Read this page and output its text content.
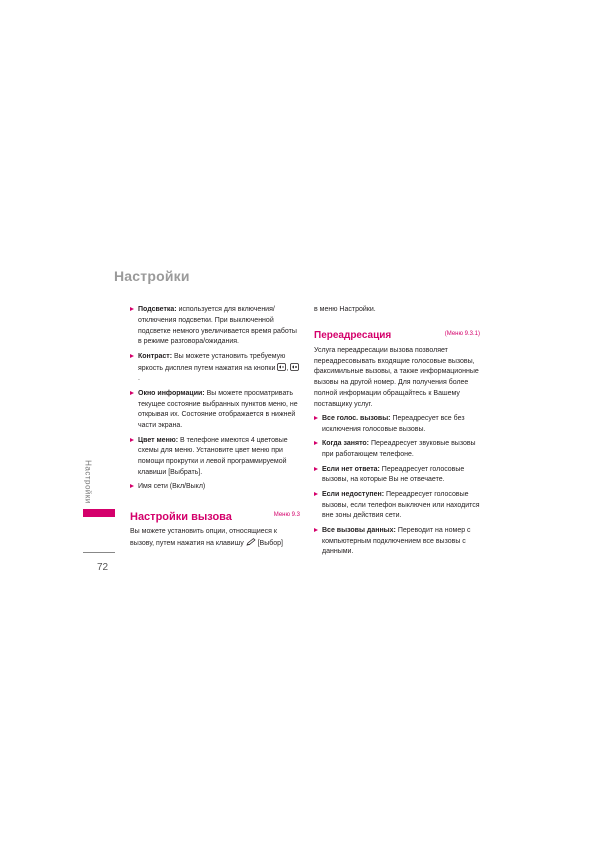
Настройки
Настройки
72
Подсветка: используется для включения/отключения подсветки. При выключенной подсветке немного увеличивается время работы в режиме разговора/ожидания.
Контраст: Вы можете установить требуемую яркость дисплея путем нажатия на кнопки , .
Окно информации: Вы можете просматривать текущее состояние выбранных пунктов меню, не открывая их. Состояние отображается в нижней части экрана.
Цвет меню: В телефоне имеются 4 цветовые схемы для меню. Установите цвет меню при помощи прокрутки и левой программируемой клавиши [Выбрать].
Имя сети (Вкл/Выкл)
Настройки вызова	Меню 9.3
Вы можете установить опции, относящиеся к вызову, путем нажатия на клавишу  [Выбор]
в меню Настройки.
Переадресация	(Меню 9.3.1)
Услуга переадресации вызова позволяет переадресовывать входящие голосовые вызовы, факсимильные вызовы, а также информационные вызовы на другой номер. Для получения более полной информации обращайтесь к Вашему поставщику услуг.
Все голос. вызовы: Переадресует все без исключения голосовые вызовы.
Когда занято: Переадресует звуковые вызовы при работающем телефоне.
Если нет ответа: Переадресует голосовые вызовы, на которые Вы не отвечаете.
Если недоступен: Переадресует голосовые вызовы, если телефон выключен или находится вне зоны действия сети.
Все вызовы данных: Переводит на номер с компьютерным подключением все вызовы с данными.
